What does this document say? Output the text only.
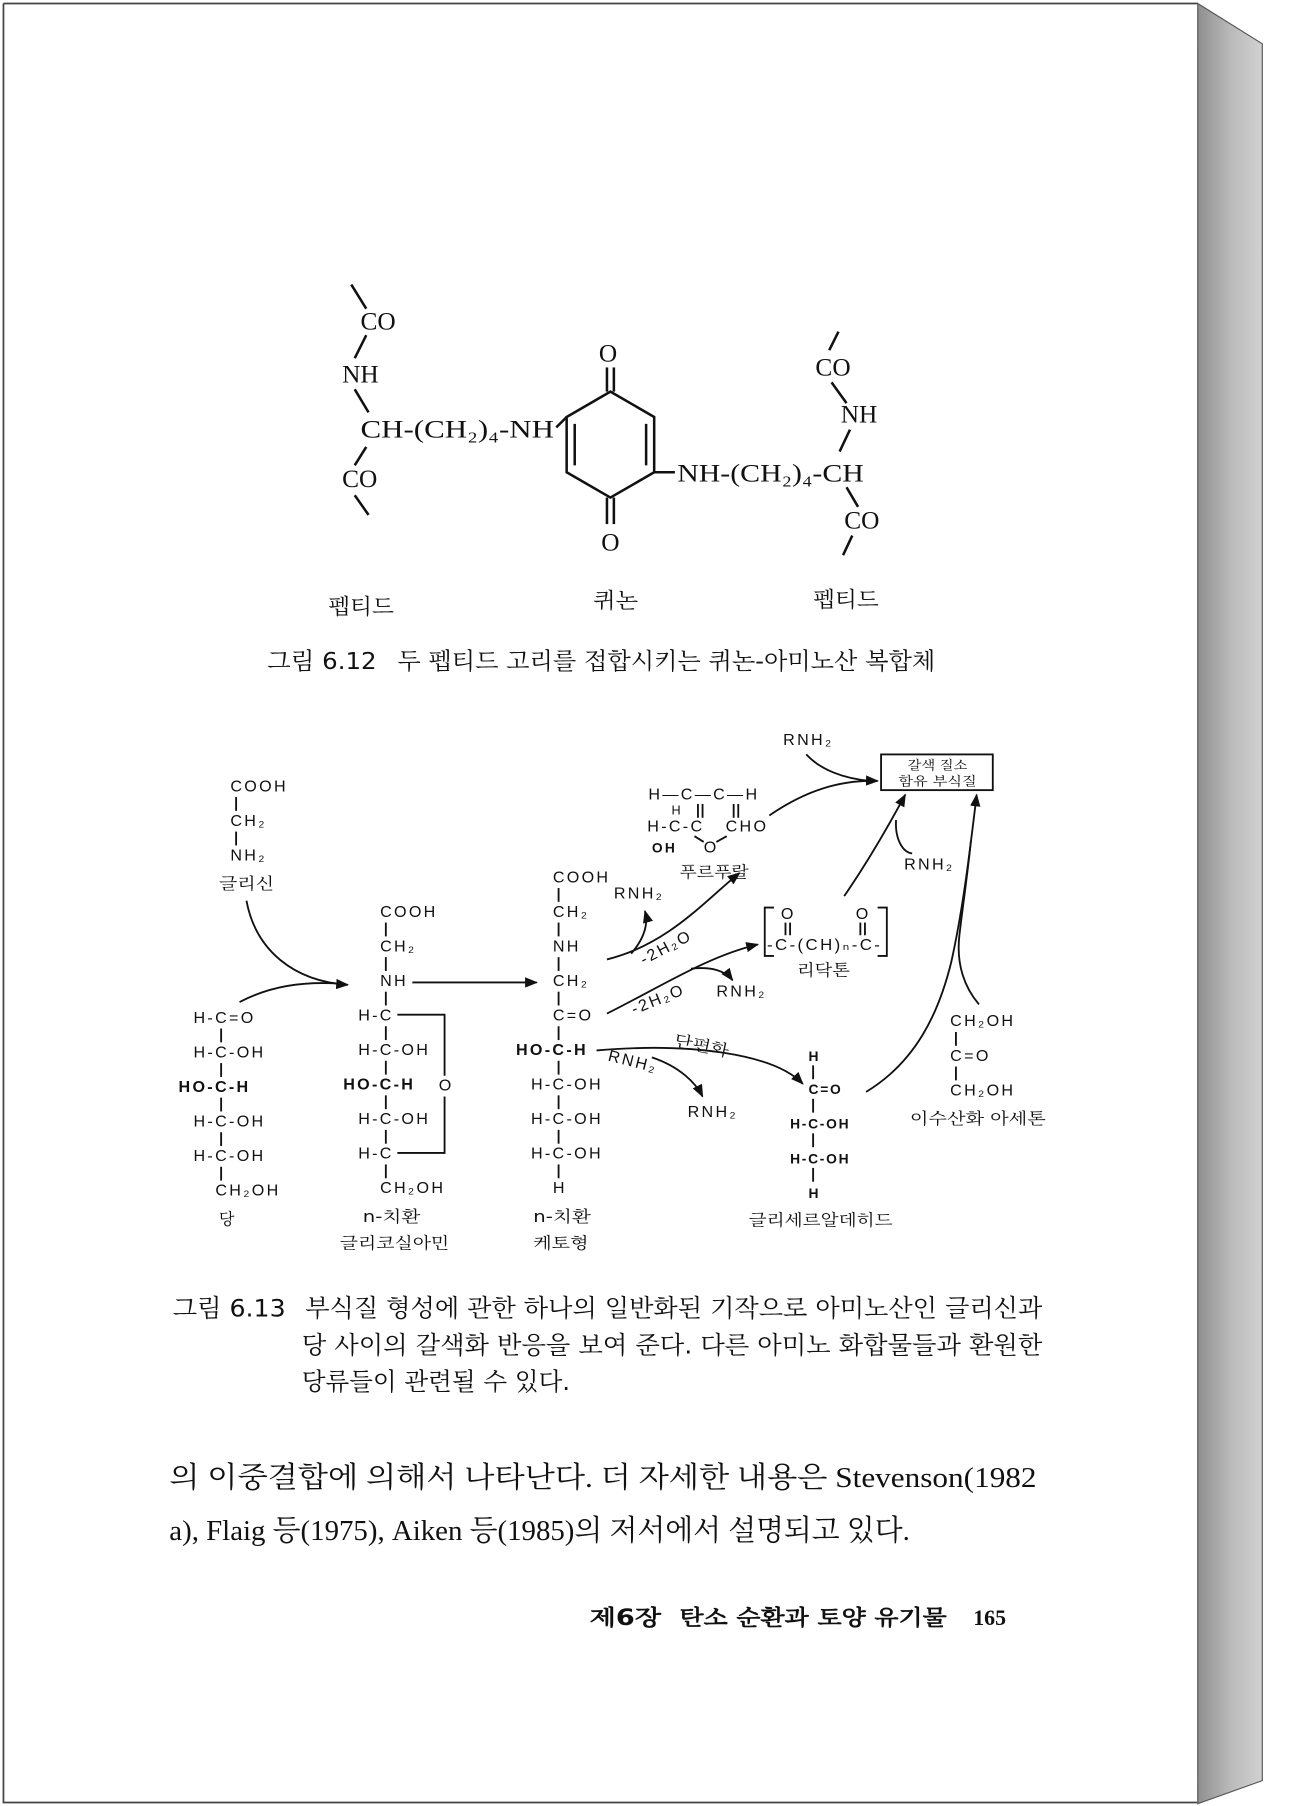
CO
NH
CH-(CH₂)₄-NH
CO
O
O
NH-(CH₂)₄-CH
CO
NH
CO
펩티드	퀴논	펩티드
그림 6.12 두 펩티드 고리를 접합시키는 퀴논-아미노산 복합체
COOH
CH₂
NH₂
글리신
H-C=O
H-C-OH
HO-C-H
H-C-OH
H-C-OH
CH₂OH
당
COOH
CH₂
NH
H-C
H-C-OH
HO-C-H O
H-C-OH
H-C
CH₂OH
n-치환
글리코실아민
COOH
CH₂
NH
CH₂
C=O
HO-C-H
H-C-OH
H-C-OH
H-C-OH
H
n-치환
케토형
H—C—C—H
H
H-C-C CHO
OH O
푸르푸랄
O	O
-C-(CH)ₙ-C-
리닥톤
갈색 질소
함유 부식질
H
C=O
H-C-OH
H-C-OH
H
글리세르알데히드
CH₂OH
C=O
CH₂OH
이수산화 아세톤
RNH₂
RNH₂
RNH₂
RNH₂
RNH₂
RNH₂
-2H₂O
-2H₂O
단편화
그림 6.13 부식질 형성에 관한 하나의 일반화된 기작으로 아미노산인 글리신과
당 사이의 갈색화 반응을 보여 준다. 다른 아미노 화합물들과 환원한
당류들이 관련될 수 있다.
의 이중결합에 의해서 나타난다. 더 자세한 내용은 Stevenson(1982
a), Flaig 등(1975), Aiken 등(1985)의 저서에서 설명되고 있다.
제6장	탄소 순환과 토양 유기물	165
